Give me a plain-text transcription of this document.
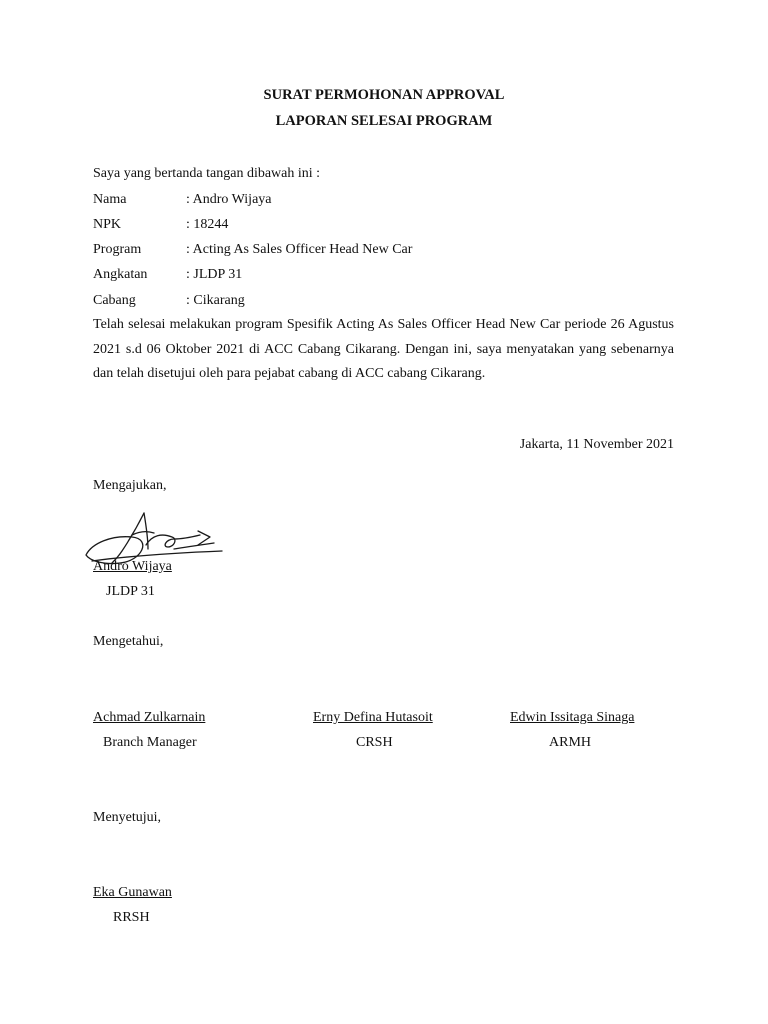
SURAT PERMOHONAN APPROVAL
LAPORAN SELESAI PROGRAM
Saya yang bertanda tangan dibawah ini :
Nama	: Andro Wijaya
NPK	: 18244
Program	: Acting As Sales Officer Head New Car
Angkatan	: JLDP 31
Cabang	: Cikarang
Telah selesai melakukan program Spesifik Acting As Sales Officer Head New Car periode 26 Agustus 2021 s.d 06 Oktober 2021 di ACC Cabang Cikarang. Dengan ini, saya menyatakan yang sebenarnya dan telah disetujui oleh para pejabat cabang di ACC cabang Cikarang.
Jakarta, 11 November 2021
Mengajukan,
Andro Wijaya
JLDP 31
Mengetahui,
Achmad Zulkarnain
Branch Manager
Erny Defina Hutasoit
CRSH
Edwin Issitaga Sinaga
ARMH
Menyetujui,
Eka Gunawan
RRSH
